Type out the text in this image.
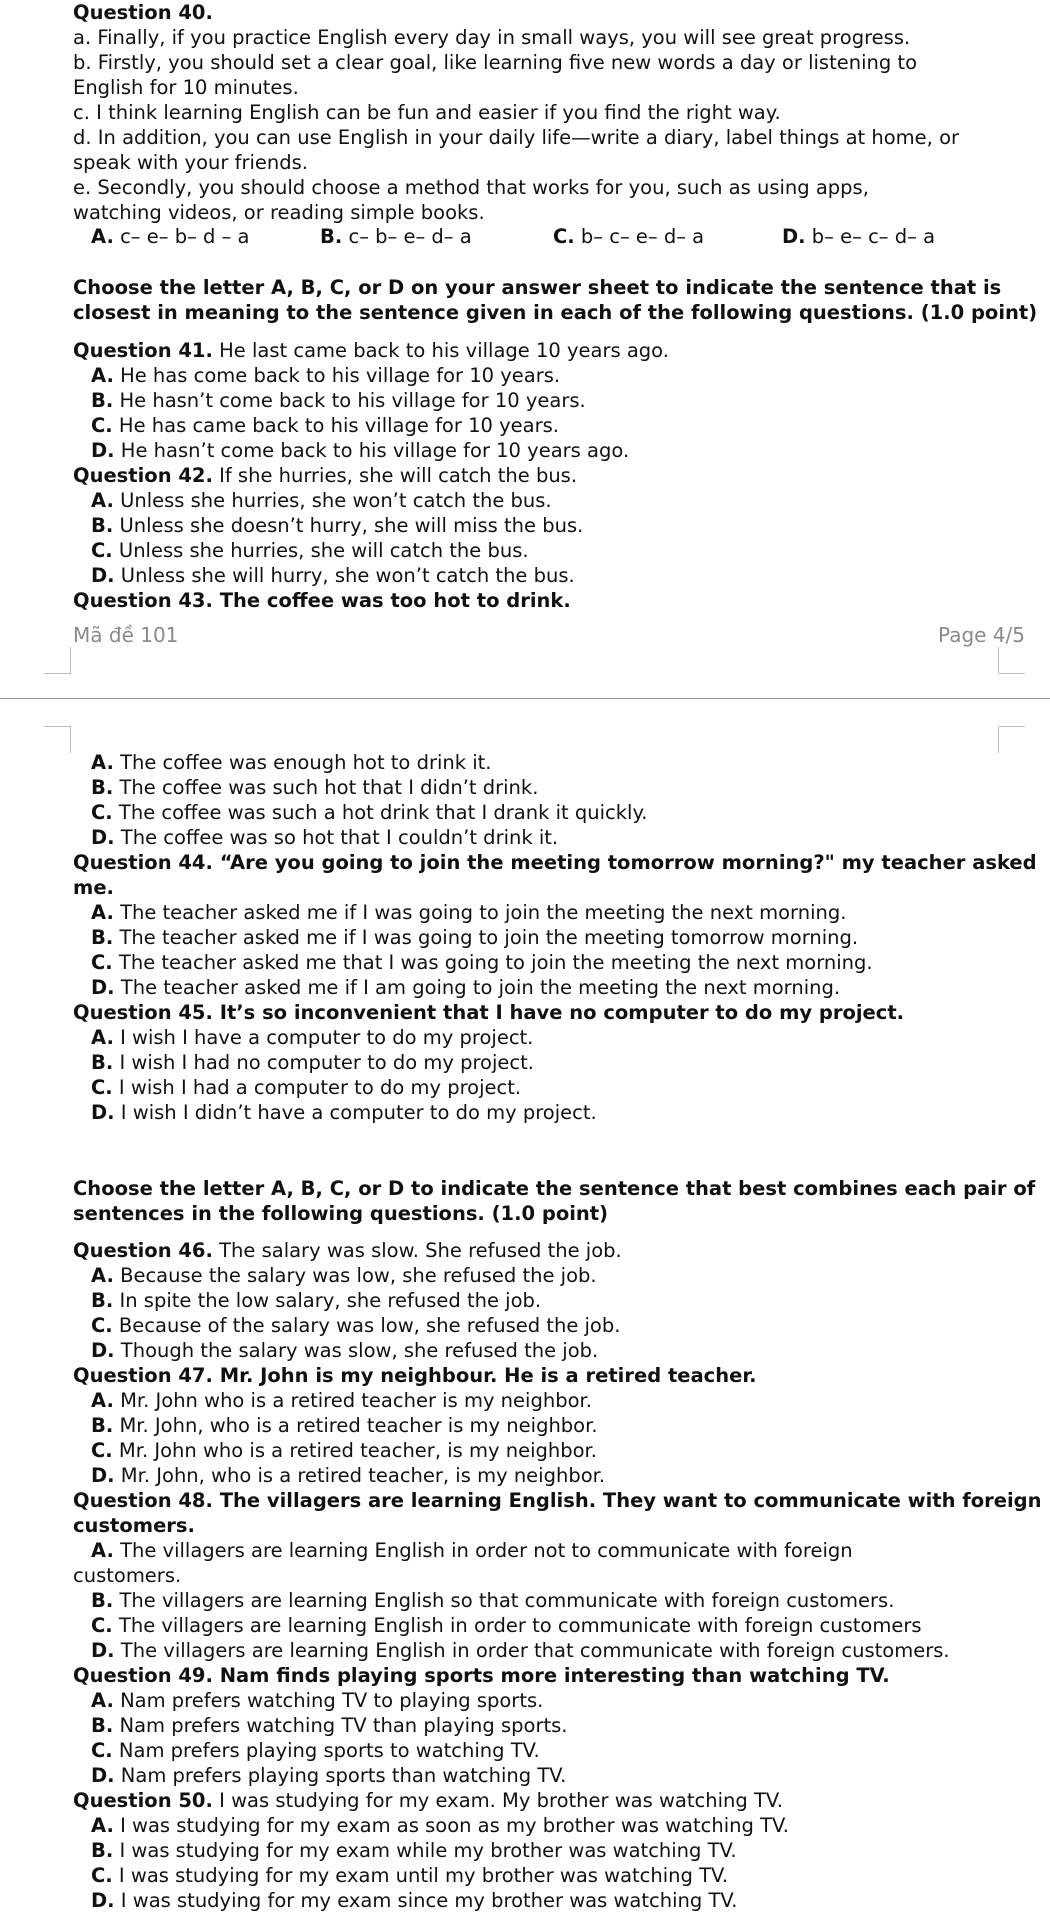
Question 40.
a. Finally, if you practice English every day in small ways, you will see great progress.
b. Firstly, you should set a clear goal, like learning five new words a day or listening to
English for 10 minutes.
c. I think learning English can be fun and easier if you find the right way.
d. In addition, you can use English in your daily life—write a diary, label things at home, or
speak with your friends.
e. Secondly, you should choose a method that works for you, such as using apps,
watching videos, or reading simple books.
A. c– e– b– d – a	B. c– b– e– d– a	C. b– c– e– d– a	D. b– e– c– d– a
Choose the letter A, B, C, or D on your answer sheet to indicate the sentence that is
closest in meaning to the sentence given in each of the following questions. (1.0 point)
Question 41. He last came back to his village 10 years ago.
A. He has come back to his village for 10 years.
B. He hasn’t come back to his village for 10 years.
C. He has came back to his village for 10 years.
D. He hasn’t come back to his village for 10 years ago.
Question 42. If she hurries, she will catch the bus.
A. Unless she hurries, she won’t catch the bus.
B. Unless she doesn’t hurry, she will miss the bus.
C. Unless she hurries, she will catch the bus.
D. Unless she will hurry, she won’t catch the bus.
Question 43. The coffee was too hot to drink.
Mã đề 101	Page 4/5
A. The coffee was enough hot to drink it.
B. The coffee was such hot that I didn’t drink.
C. The coffee was such a hot drink that I drank it quickly.
D. The coffee was so hot that I couldn’t drink it.
Question 44. “Are you going to join the meeting tomorrow morning?" my teacher asked
me.
A. The teacher asked me if I was going to join the meeting the next morning.
B. The teacher asked me if I was going to join the meeting tomorrow morning.
C. The teacher asked me that I was going to join the meeting the next morning.
D. The teacher asked me if I am going to join the meeting the next morning.
Question 45. It’s so inconvenient that I have no computer to do my project.
A. I wish I have a computer to do my project.
B. I wish I had no computer to do my project.
C. I wish I had a computer to do my project.
D. I wish I didn’t have a computer to do my project.
Choose the letter A, B, C, or D to indicate the sentence that best combines each pair of
sentences in the following questions. (1.0 point)
Question 46. The salary was slow. She refused the job.
A. Because the salary was low, she refused the job.
B. In spite the low salary, she refused the job.
C. Because of the salary was low, she refused the job.
D. Though the salary was slow, she refused the job.
Question 47. Mr. John is my neighbour. He is a retired teacher.
A. Mr. John who is a retired teacher is my neighbor.
B. Mr. John, who is a retired teacher is my neighbor.
C. Mr. John who is a retired teacher, is my neighbor.
D. Mr. John, who is a retired teacher, is my neighbor.
Question 48. The villagers are learning English. They want to communicate with foreign
customers.
A. The villagers are learning English in order not to communicate with foreign
customers.
B. The villagers are learning English so that communicate with foreign customers.
C. The villagers are learning English in order to communicate with foreign customers
D. The villagers are learning English in order that communicate with foreign customers.
Question 49. Nam finds playing sports more interesting than watching TV.
A. Nam prefers watching TV to playing sports.
B. Nam prefers watching TV than playing sports.
C. Nam prefers playing sports to watching TV.
D. Nam prefers playing sports than watching TV.
Question 50. I was studying for my exam. My brother was watching TV.
A. I was studying for my exam as soon as my brother was watching TV.
B. I was studying for my exam while my brother was watching TV.
C. I was studying for my exam until my brother was watching TV.
D. I was studying for my exam since my brother was watching TV.
